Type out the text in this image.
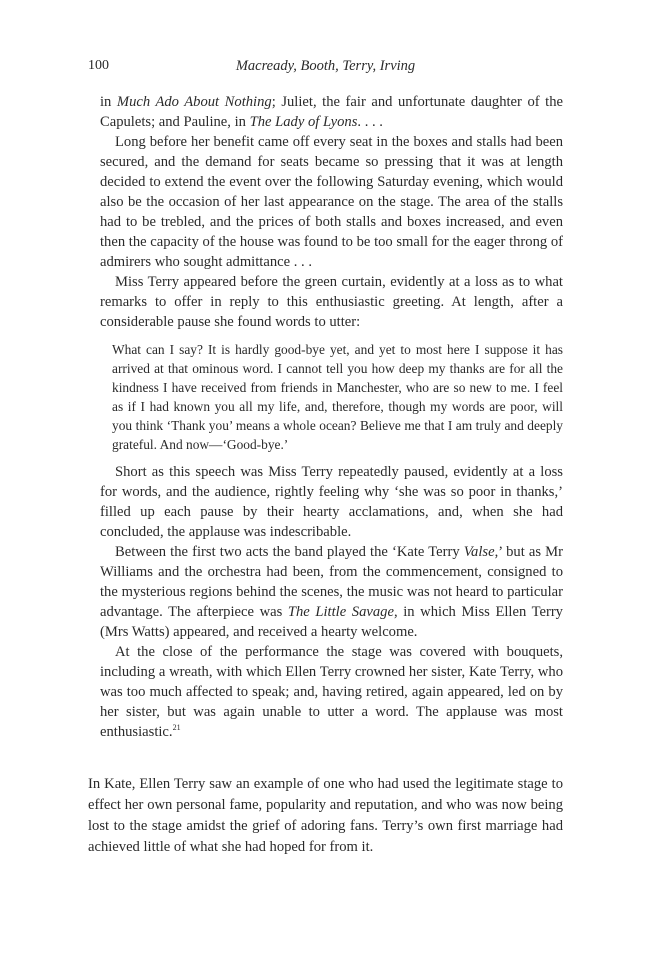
100	Macready, Booth, Terry, Irving

in Much Ado About Nothing; Juliet, the fair and unfortunate daughter of the Capulets; and Pauline, in The Lady of Lyons. . . .

Long before her benefit came off every seat in the boxes and stalls had been secured, and the demand for seats became so pressing that it was at length decided to extend the event over the following Saturday evening, which would also be the occasion of her last appearance on the stage. The area of the stalls had to be trebled, and the prices of both stalls and boxes increased, and even then the capacity of the house was found to be too small for the eager throng of admirers who sought admittance . . .

Miss Terry appeared before the green curtain, evidently at a loss as to what remarks to offer in reply to this enthusiastic greeting. At length, after a considerable pause she found words to utter:

What can I say? It is hardly good-bye yet, and yet to most here I suppose it has arrived at that ominous word. I cannot tell you how deep my thanks are for all the kindness I have received from friends in Manchester, who are so new to me. I feel as if I had known you all my life, and, therefore, though my words are poor, will you think ‘Thank you’ means a whole ocean? Believe me that I am truly and deeply grateful. And now—‘Good-bye.’

Short as this speech was Miss Terry repeatedly paused, evidently at a loss for words, and the audience, rightly feeling why ‘she was so poor in thanks,’ filled up each pause by their hearty acclamations, and, when she had concluded, the applause was indescribable.

Between the first two acts the band played the ‘Kate Terry Valse,’ but as Mr Williams and the orchestra had been, from the commencement, consigned to the mysterious regions behind the scenes, the music was not heard to particular advantage. The afterpiece was The Little Savage, in which Miss Ellen Terry (Mrs Watts) appeared, and received a hearty welcome.

At the close of the performance the stage was covered with bouquets, including a wreath, with which Ellen Terry crowned her sister, Kate Terry, who was too much affected to speak; and, having retired, again appeared, led on by her sister, but was again unable to utter a word. The applause was most enthusiastic.$^{21}$

In Kate, Ellen Terry saw an example of one who had used the legitimate stage to effect her own personal fame, popularity and reputation, and who was now being lost to the stage amidst the grief of adoring fans. Terry’s own first marriage had achieved little of what she had hoped for from it.
